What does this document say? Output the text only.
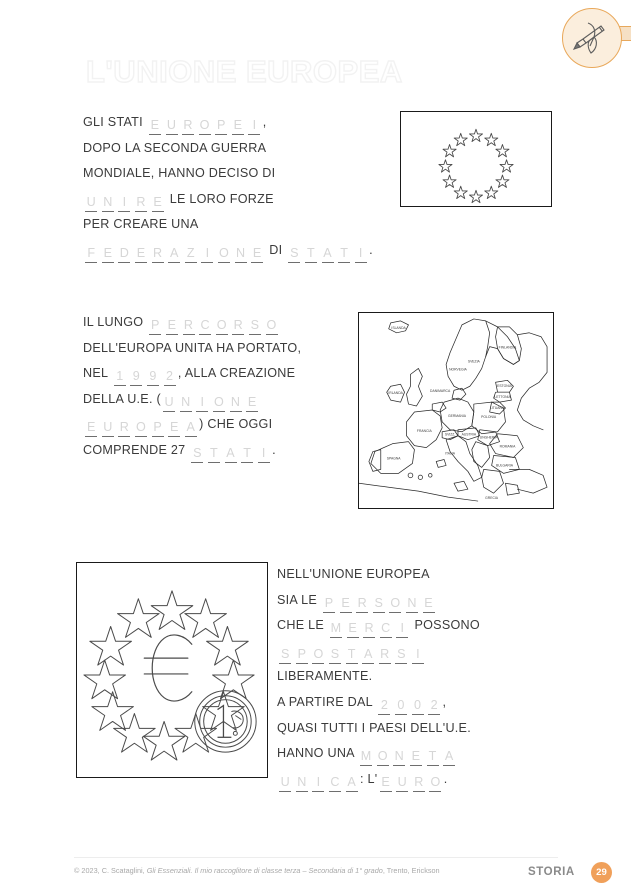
L'UNIONE EUROPEA
GLI STATI E U R O P E I ,
DOPO LA SECONDA GUERRA
MONDIALE, HANNO DECISO DI
U N I R E LE LORO FORZE
PER CREARE UNA
F E D E R A Z I O N E DI S T A T I .
ISLANDA
NORVEGIA
SVEZIA
FINLANDIA
IRLANDA	DANIMARCA
ESTONIA
LETTONIA
LITUANIA
GERMANIA	POLONIA
FRANCIA
SVIZZ. AUSTRIA
UNGHERIA
ROMANIA
ITALIA
SPAGNA
BULGARIA
GRECIA
IL LUNGO P E R C O R S O
DELL'EUROPA UNITA HA PORTATO,
NEL 1 9 9 2 , ALLA CREAZIONE
DELLA U.E. ( U N I O N E
E U R O P E A ) CHE OGGI
COMPRENDE 27 S T A T I .
NELL'UNIONE EUROPEA
SIA LE P E R S O N E
CHE LE M E R C I POSSONO
S P O S T A R S I
LIBERAMENTE.
A PARTIRE DAL 2 0 0 2 ,
QUASI TUTTI I PAESI DELL'U.E.
HANNO UNA M O N E T A
U N I C A : L' E U R O .
© 2023, C. Scataglini, Gli Essenziali. Il mio raccoglitore di classe terza – Secondaria di 1° grado, Trento, Erickson	STORIA	29
